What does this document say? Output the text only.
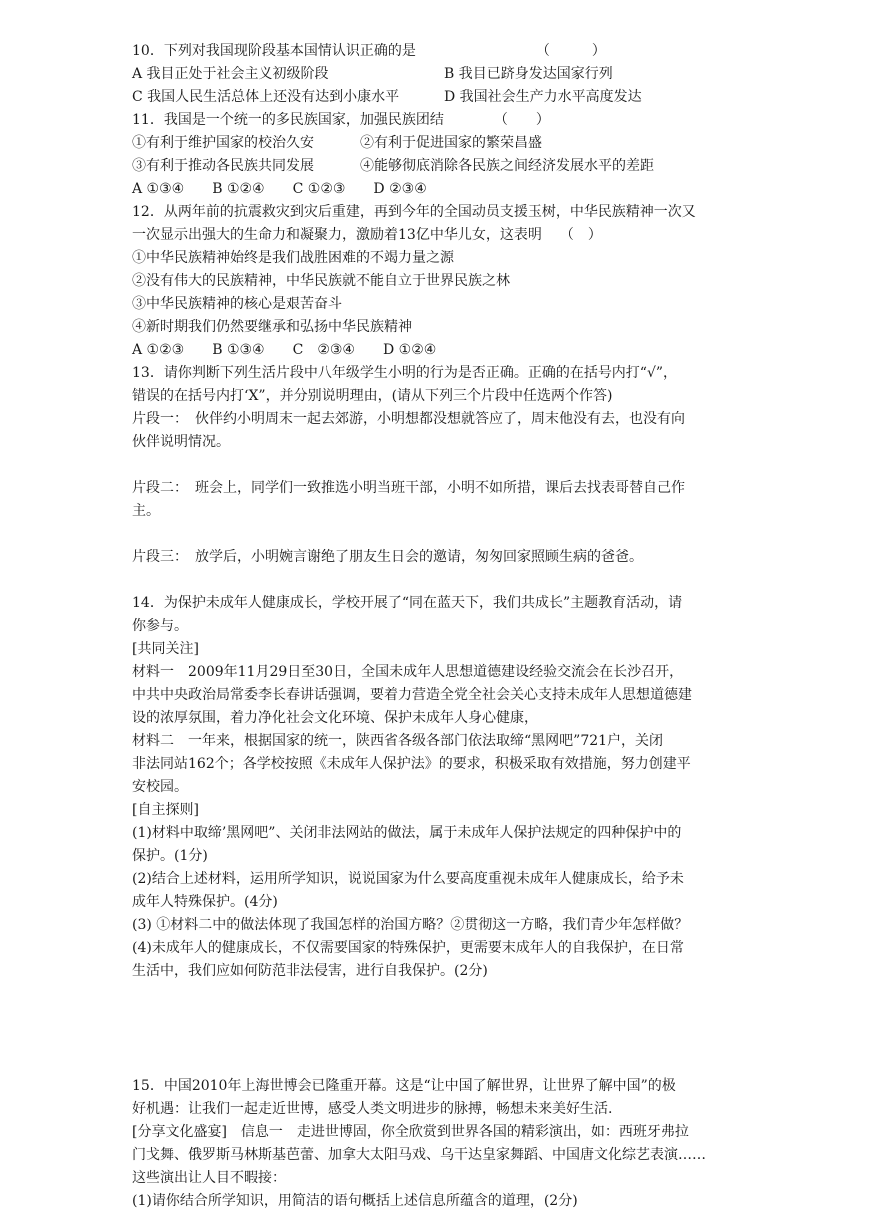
10．下列对我国现阶段基本国情认识正确的是	（　　　）
A 我目正处于社会主义初级阶段	B 我目已跻身发达国家行列
C 我国人民生活总体上还没有达到小康水平	D 我国社会生产力水平高度发达
11．我国是一个统一的多民族国家，加强民族团结	（　　）
①有利于维护国家的校治久安	②有利于促进国家的繁荣昌盛
③有利于推动各民族共同发展	④能够彻底消除各民族之间经济发展水平的差距
A ①③④　　B ①②④　　C ①②③　　D ②③④
12．从两年前的抗震救灾到灾后重建，再到今年的全国动员支援玉树，中华民族精神一次又
一次显示出强大的生命力和凝聚力，激励着13亿中华儿女，这表明 （　）
①中华民族精神始终是我们战胜困难的不竭力量之源
②没有伟大的民族精神，中华民族就不能自立于世界民族之林
③中华民族精神的核心是艰苦奋斗
④新时期我们仍然要继承和弘扬中华民族精神
A ①②③　　B ①③④　　C　②③④　　D ①②④
13．请你判断下列生活片段中八年级学生小明的行为是否正确。正确的在括号内打“√”，
错误的在括号内打‘X”，并分别说明理由，(请从下列三个片段中任选两个作答)
片段一：　伙伴约小明周末一起去郊游，小明想都没想就答应了，周末他没有去，也没有向
伙伴说明情况。
片段二：　班会上，同学们一致推选小明当班干部，小明不如所措，课后去找表哥替自己作
主。
片段三：　放学后，小明婉言谢绝了朋友生日会的邀请，匆匆回家照顾生病的爸爸。
14．为保护未成年人健康成长，学校开展了“同在蓝天下，我们共成长”主题教育活动，请
你参与。
[共同关注]
材料一　2009年11月29日至30日，全国未成年人思想道德建设经验交流会在长沙召开，
中共中央政治局常委李长春讲话强调，要着力营造全党全社会关心支持未成年人思想道德建
设的浓厚氛围，着力净化社会文化环境、保护未成年人身心健康，
材料二　一年来，根据国家的统一，陕西省各级各部门依法取缔“黑网吧”721户，关闭
非法同站162个；各学校按照《未成年人保护法》的要求，积极采取有效措施，努力创建平
安校园。
[自主探则]
(1)材料中取缔’黑网吧”、关闭非法网站的做法，属于未成年人保护法规定的四种保护中的
保护。(1分)
(2)结合上述材料，运用所学知识，说说国家为什么要高度重视未成年人健康成长，给予未
成年人特殊保护。(4分)
(3) ①材料二中的做法体现了我国怎样的治国方略？②贯彻这一方略，我们青少年怎样做？
(4)未成年人的健康成长，不仅需要国家的特殊保护，更需要末成年人的自我保护，在日常
生活中，我们应如何防范非法侵害，进行自我保护。(2分)
15．中国2010年上海世博会已隆重开幕。这是“让中国了解世界，让世界了解中国”的极
好机遇：让我们一起走近世博，感受人类文明进步的脉搏，畅想未来美好生活.
[分享文化盛宴]　信息一　走进世博固，你全欣赏到世界各国的精彩演出，如：西班牙弗拉
门戈舞、俄罗斯马林斯基芭蕾、加拿大太阳马戏、乌干达皇家舞蹈、中国唐文化综艺表演……
这些演出让人目不暇接：
(1)请你结合所学知识，用简洁的语句概括上述信息所蕴含的道理，(2分)
